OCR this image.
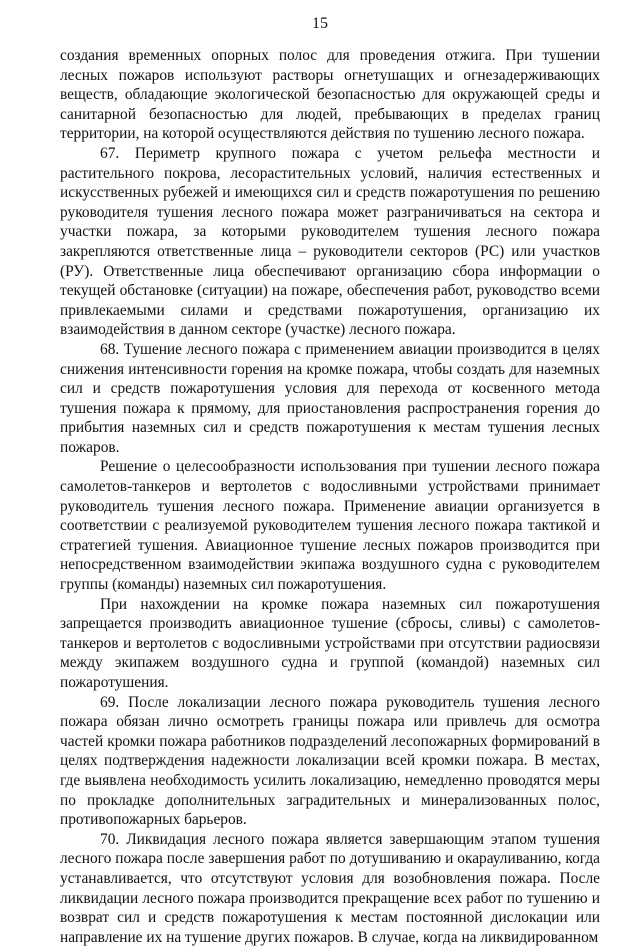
15

создания временных опорных полос для проведения отжига. При тушении лесных пожаров используют растворы огнетушащих и огнезадерживающих веществ, обладающие экологической безопасностью для окружающей среды и санитарной безопасностью для людей, пребывающих в пределах границ территории, на которой осуществляются действия по тушению лесного пожара.

67. Периметр крупного пожара с учетом рельефа местности и растительного покрова, лесорастительных условий, наличия естественных и искусственных рубежей и имеющихся сил и средств пожаротушения по решению руководителя тушения лесного пожара может разграничиваться на сектора и участки пожара, за которыми руководителем тушения лесного пожара закрепляются ответственные лица – руководители секторов (РС) или участков (РУ). Ответственные лица обеспечивают организацию сбора информации о текущей обстановке (ситуации) на пожаре, обеспечения работ, руководство всеми привлекаемыми силами и средствами пожаротушения, организацию их взаимодействия в данном секторе (участке) лесного пожара.

68. Тушение лесного пожара с применением авиации производится в целях снижения интенсивности горения на кромке пожара, чтобы создать для наземных сил и средств пожаротушения условия для перехода от косвенного метода тушения пожара к прямому, для приостановления распространения горения до прибытия наземных сил и средств пожаротушения к местам тушения лесных пожаров.

Решение о целесообразности использования при тушении лесного пожара самолетов-танкеров и вертолетов с водосливными устройствами принимает руководитель тушения лесного пожара. Применение авиации организуется в соответствии с реализуемой руководителем тушения лесного пожара тактикой и стратегией тушения. Авиационное тушение лесных пожаров производится при непосредственном взаимодействии экипажа воздушного судна с руководителем группы (команды) наземных сил пожаротушения.

При нахождении на кромке пожара наземных сил пожаротушения запрещается производить авиационное тушение (сбросы, сливы) с самолетов-танкеров и вертолетов с водосливными устройствами при отсутствии радиосвязи между экипажем воздушного судна и группой (командой) наземных сил пожаротушения.

69. После локализации лесного пожара руководитель тушения лесного пожара обязан лично осмотреть границы пожара или привлечь для осмотра частей кромки пожара работников подразделений лесопожарных формирований в целях подтверждения надежности локализации всей кромки пожара. В местах, где выявлена необходимость усилить локализацию, немедленно проводятся меры по прокладке дополнительных заградительных и минерализованных полос, противопожарных барьеров.

70. Ликвидация лесного пожара является завершающим этапом тушения лесного пожара после завершения работ по дотушиванию и окарауливанию, когда устанавливается, что отсутствуют условия для возобновления пожара. После ликвидации лесного пожара производится прекращение всех работ по тушению и возврат сил и средств пожаротушения к местам постоянной дислокации или направление их на тушение других пожаров. В случае, когда на ликвидированном
